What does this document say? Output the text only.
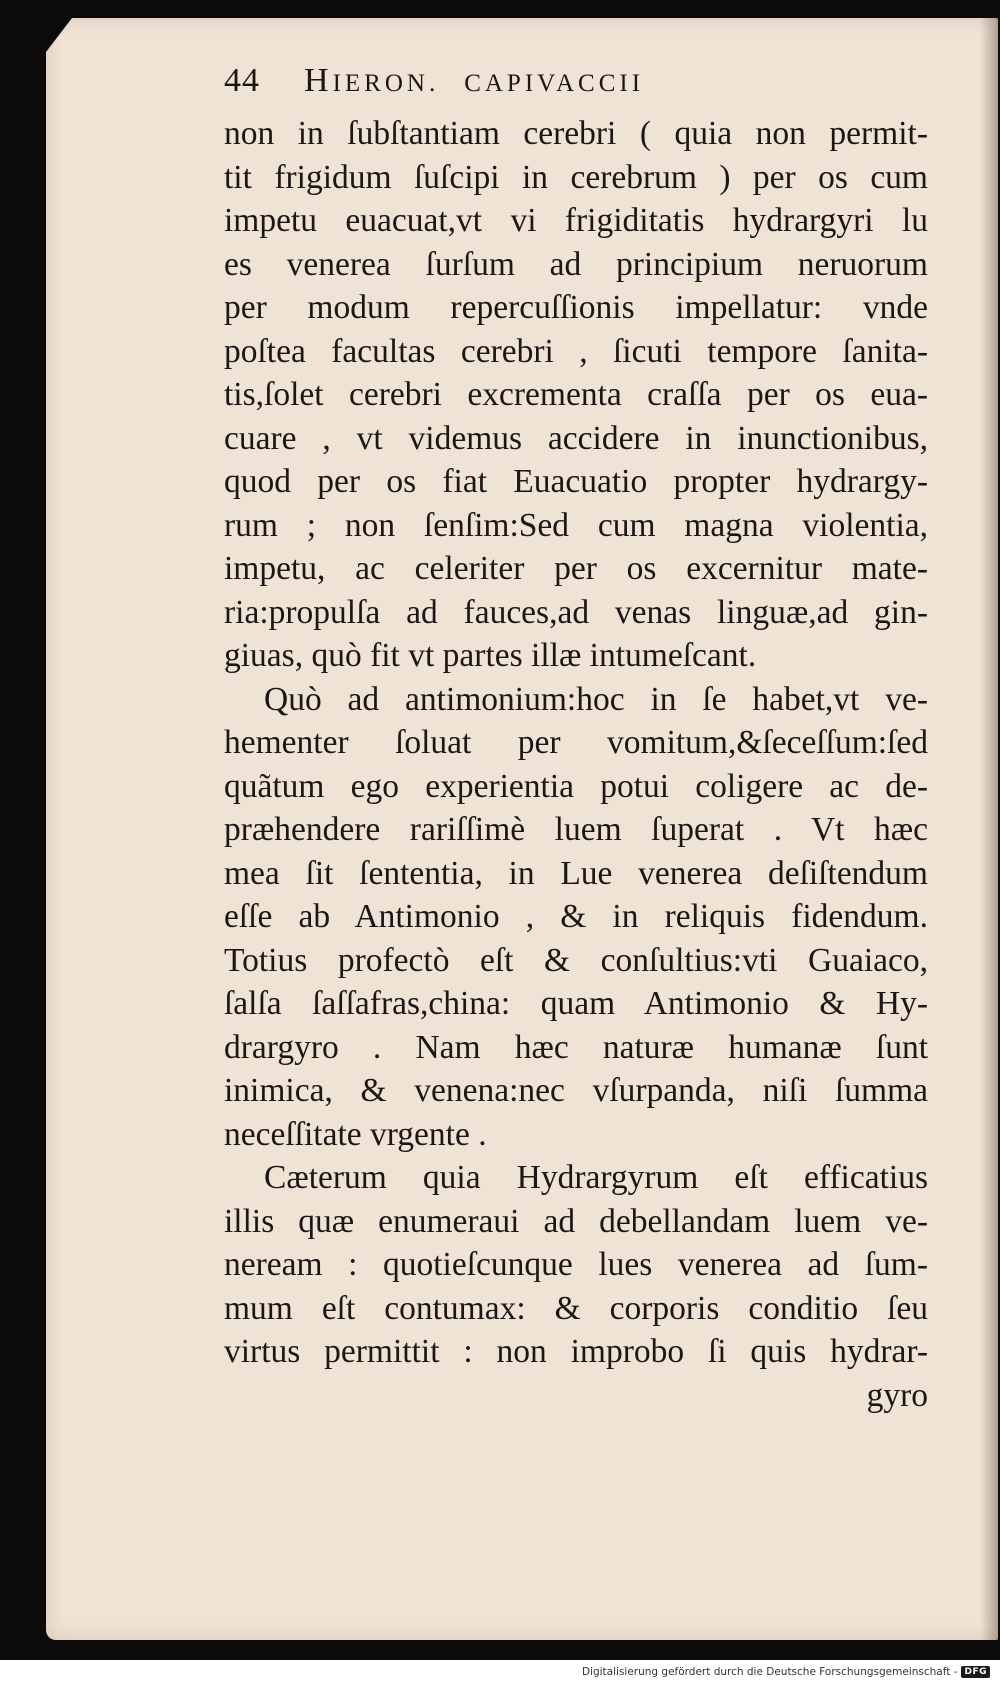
44	HIERON. CAPIVACCII
non in ſubſtantiam cerebri ( quia non permit-
tit frigidum ſuſcipi in cerebrum ) per os cum
impetu euacuat,vt vi frigiditatis hydrargyri lu
es venerea ſurſum ad principium neruorum
per modum repercuſſionis impellatur: vnde
poſtea facultas cerebri , ſicuti tempore ſanita-
tis,ſolet cerebri excrementa craſſa per os eua-
cuare , vt videmus accidere in inunctionibus,
quod per os fiat Euacuatio propter hydrargy-
rum ; non ſenſim:Sed cum magna violentia,
impetu, ac celeriter per os excernitur mate-
ria:propulſa ad fauces,ad venas linguæ,ad gin-
giuas, quò fit vt partes illæ intumeſcant.
Quò ad antimonium:hoc in ſe habet,vt ve-
hementer ſoluat per vomitum,&ſeceſſum:ſed
quãtum ego experientia potui coligere ac de-
præhendere rariſſimè luem ſuperat . Vt hæc
mea ſit ſententia, in Lue venerea deſiſtendum
eſſe ab Antimonio , & in reliquis fidendum.
Totius profectò eſt & conſultius:vti Guaiaco,
ſalſa ſaſſafras,china: quam Antimonio & Hy-
drargyro . Nam hæc naturæ humanæ ſunt
inimica, & venena:nec vſurpanda, niſi ſumma
neceſſitate vrgente .
Cæterum quia Hydrargyrum eſt efficatius
illis quæ enumeraui ad debellandam luem ve-
neream : quotieſcunque lues venerea ad ſum-
mum eſt contumax: & corporis conditio ſeu
virtus permittit : non improbo ſi quis hydrar-
gyro
Digitalisierung gefördert durch die Deutsche Forschungsgemeinschaft - DFG
